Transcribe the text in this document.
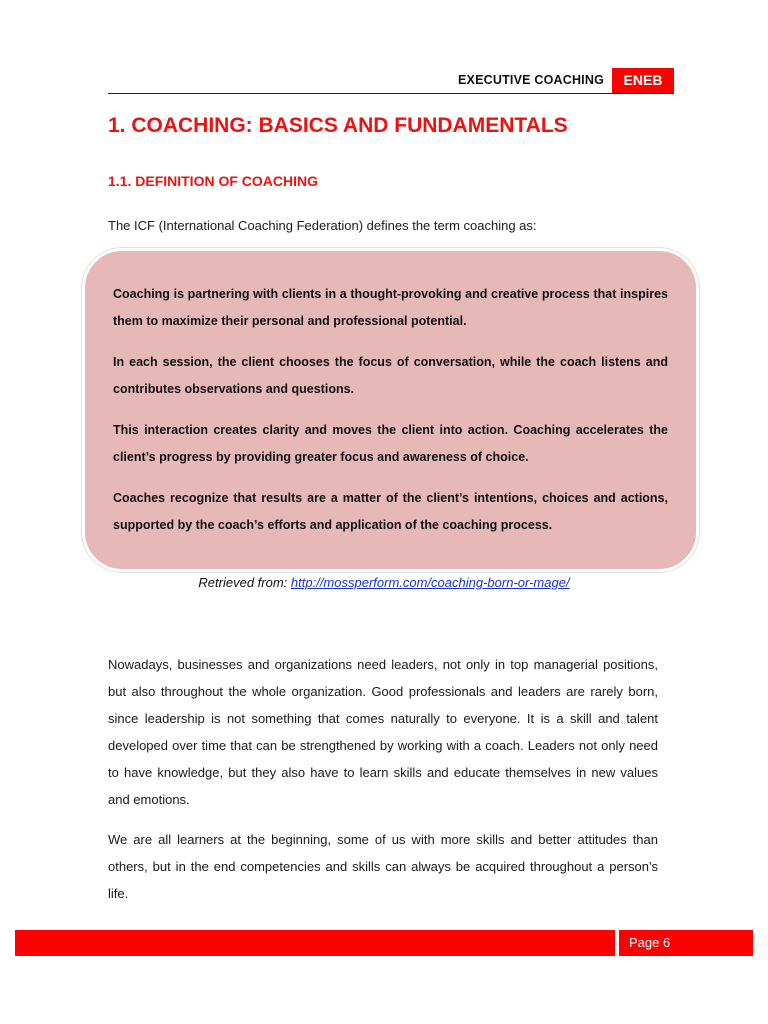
EXECUTIVE COACHING	ENEB
1. COACHING: BASICS AND FUNDAMENTALS
1.1. DEFINITION OF COACHING

The ICF (International Coaching Federation) defines the term coaching as:

Coaching is partnering with clients in a thought-provoking and creative process that inspires them to maximize their personal and professional potential.

In each session, the client chooses the focus of conversation, while the coach listens and contributes observations and questions.

This interaction creates clarity and moves the client into action. Coaching accelerates the client’s progress by providing greater focus and awareness of choice.

Coaches recognize that results are a matter of the client’s intentions, choices and actions, supported by the coach’s efforts and application of the coaching process.

Retrieved from: http://mossperform.com/coaching-born-or-mage/

Nowadays, businesses and organizations need leaders, not only in top managerial positions, but also throughout the whole organization. Good professionals and leaders are rarely born, since leadership is not something that comes naturally to everyone. It is a skill and talent developed over time that can be strengthened by working with a coach. Leaders not only need to have knowledge, but they also have to learn skills and educate themselves in new values and emotions.

We are all learners at the beginning, some of us with more skills and better attitudes than others, but in the end competencies and skills can always be acquired throughout a person's life.

Page 6
